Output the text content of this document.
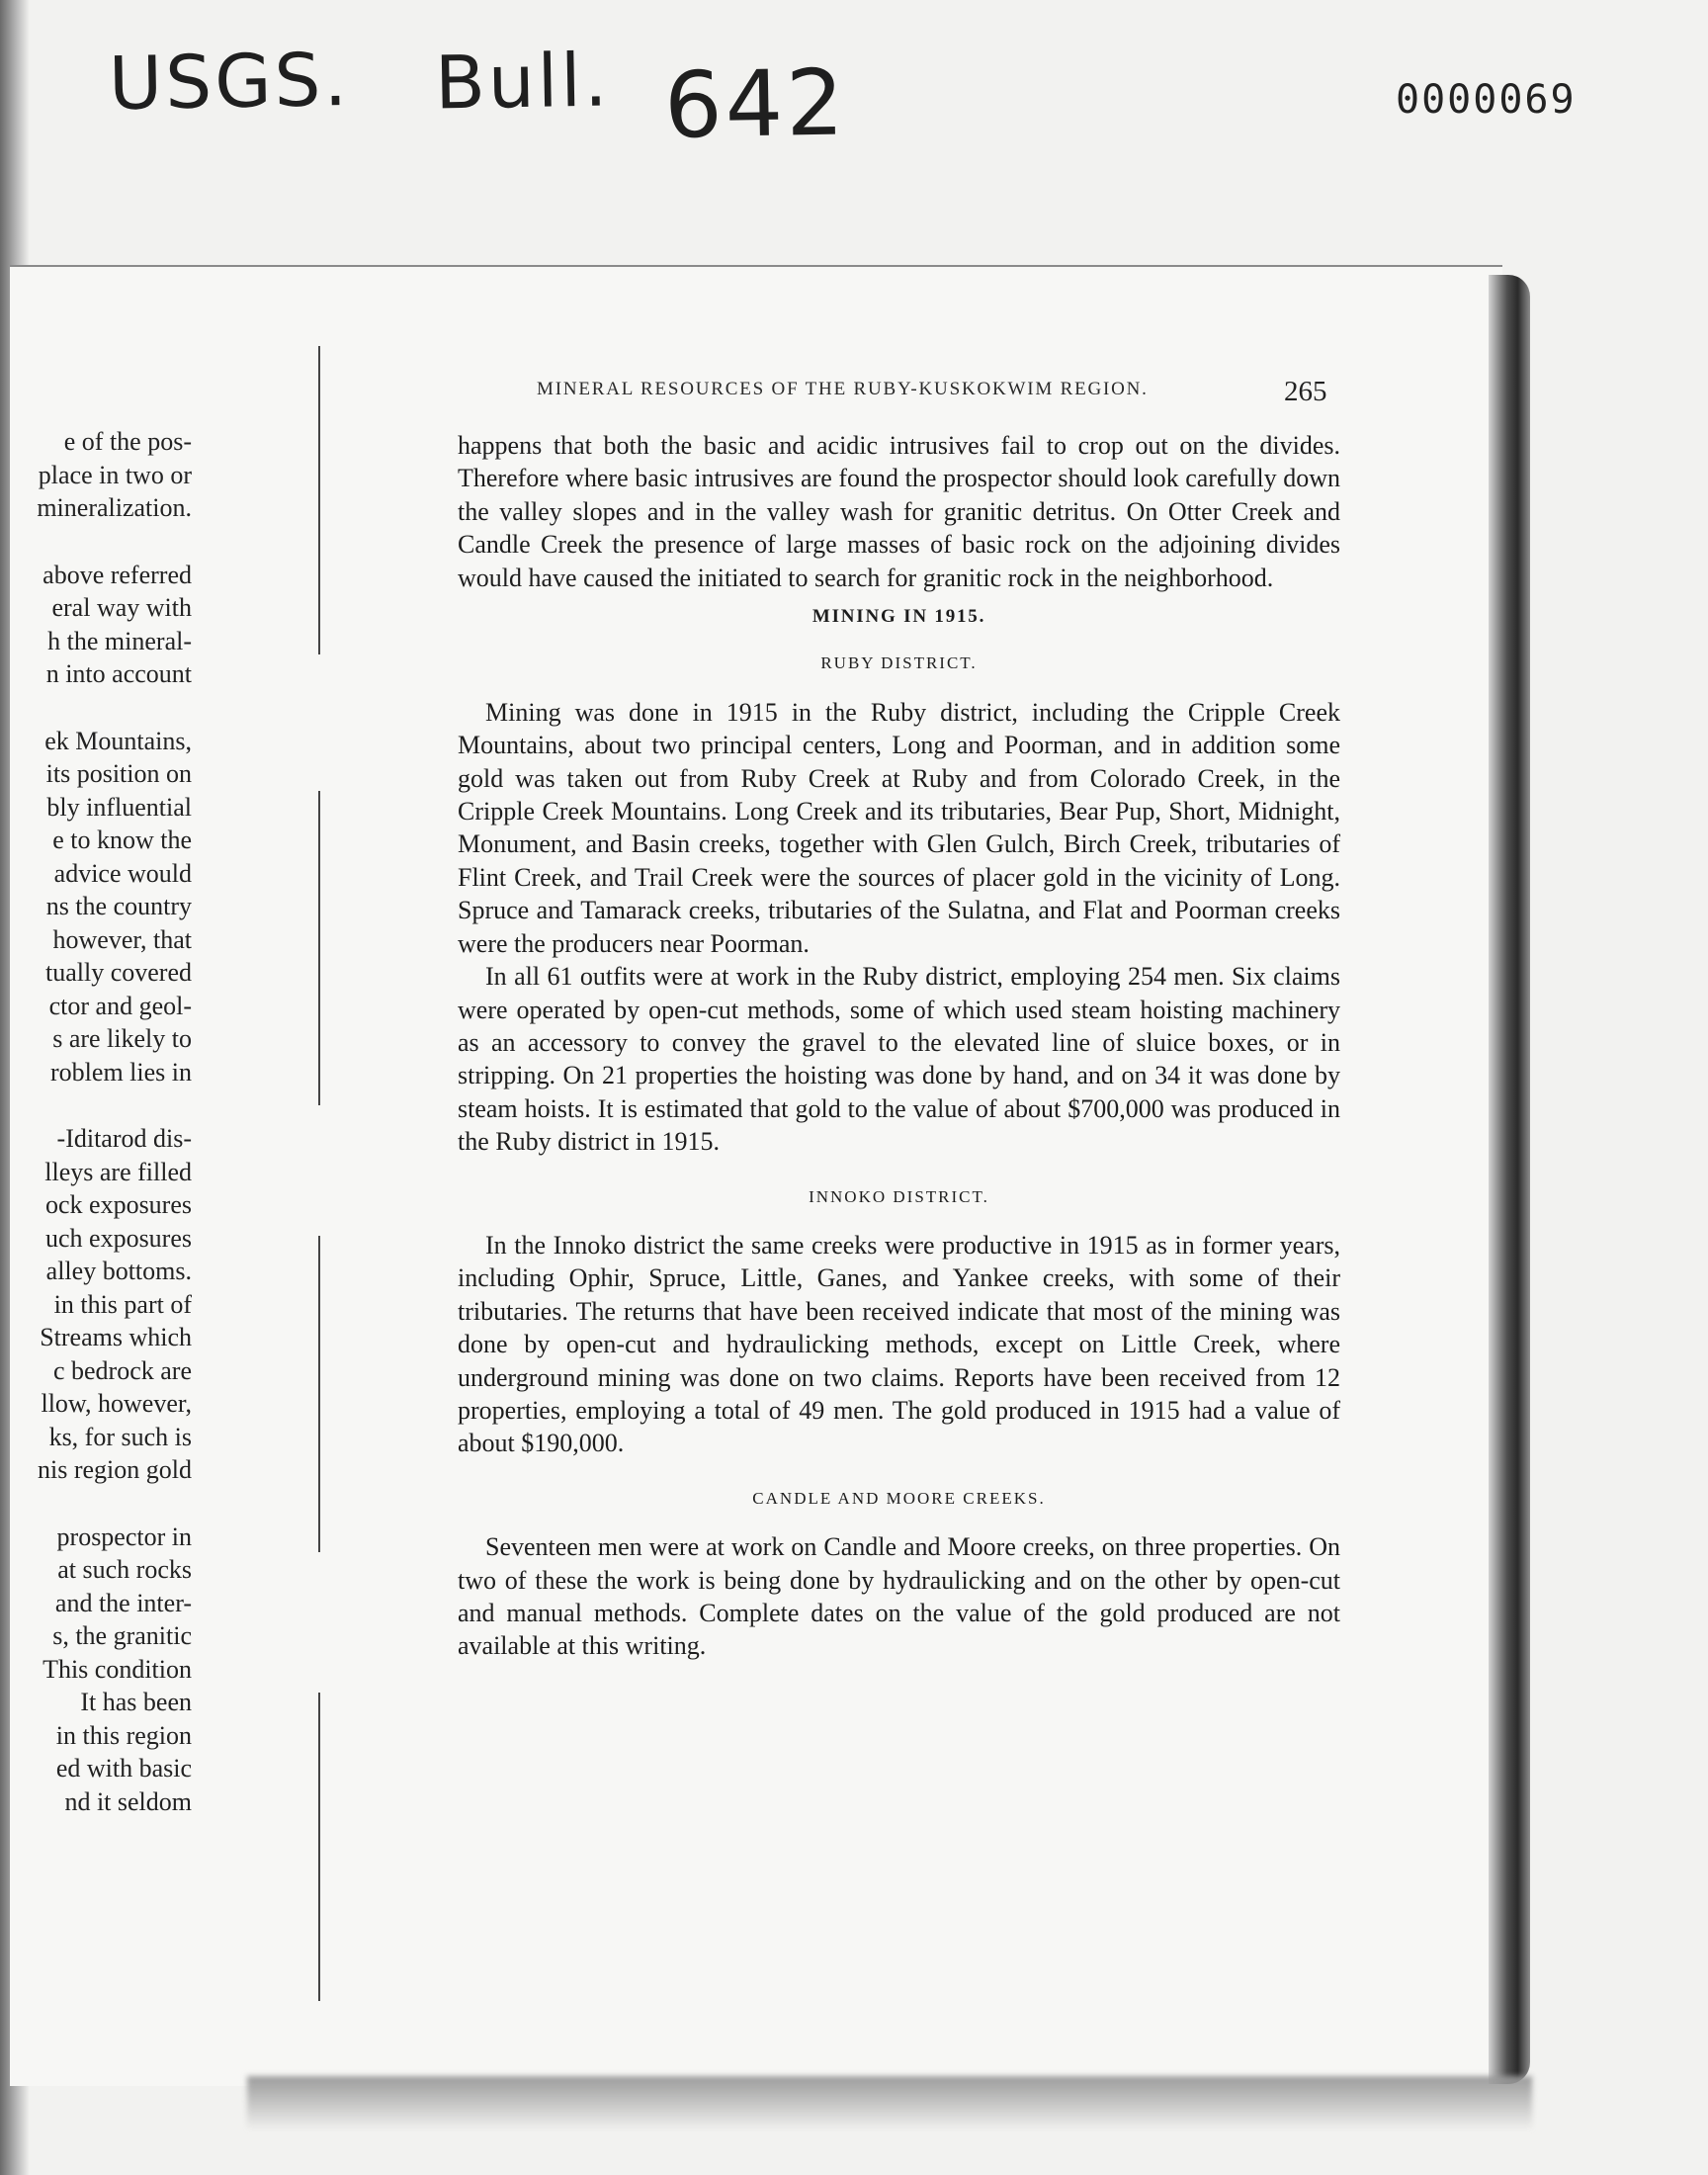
USGS. Bull. 642	0000069
e of the pos-
place in two or
mineralization.
above referred
eral way with
h the mineral-
n into account
ek Mountains,
its position on
bly influential
e to know the
advice would
ns the country
however, that
tually covered
ctor and geol-
s are likely to
roblem lies in
-Iditarod dis-
lleys are filled
ock exposures
uch exposures
alley bottoms.
in this part of
Streams which
c bedrock are
llow, however,
ks, for such is
nis region gold
prospector in
at such rocks
and the inter-
s, the granitic
This condition
It has been
in this region
ed with basic
nd it seldom
MINERAL RESOURCES OF THE RUBY-KUSKOKWIM REGION.	265

happens that both the basic and acidic intrusives fail to crop out on the divides. Therefore where basic intrusives are found the prospector should look carefully down the valley slopes and in the valley wash for granitic detritus. On Otter Creek and Candle Creek the presence of large masses of basic rock on the adjoining divides would have caused the initiated to search for granitic rock in the neighborhood.

MINING IN 1915.
RUBY DISTRICT.

Mining was done in 1915 in the Ruby district, including the Cripple Creek Mountains, about two principal centers, Long and Poorman, and in addition some gold was taken out from Ruby Creek at Ruby and from Colorado Creek, in the Cripple Creek Mountains. Long Creek and its tributaries, Bear Pup, Short, Midnight, Monument, and Basin creeks, together with Glen Gulch, Birch Creek, tributaries of Flint Creek, and Trail Creek were the sources of placer gold in the vicinity of Long. Spruce and Tamarack creeks, tributaries of the Sulatna, and Flat and Poorman creeks were the producers near Poorman.

In all 61 outfits were at work in the Ruby district, employing 254 men. Six claims were operated by open-cut methods, some of which used steam hoisting machinery as an accessory to convey the gravel to the elevated line of sluice boxes, or in stripping. On 21 properties the hoisting was done by hand, and on 34 it was done by steam hoists. It is estimated that gold to the value of about $700,000 was produced in the Ruby district in 1915.

INNOKO DISTRICT.

In the Innoko district the same creeks were productive in 1915 as in former years, including Ophir, Spruce, Little, Ganes, and Yankee creeks, with some of their tributaries. The returns that have been received indicate that most of the mining was done by open-cut and hydraulicking methods, except on Little Creek, where underground mining was done on two claims. Reports have been received from 12 properties, employing a total of 49 men. The gold produced in 1915 had a value of about $190,000.

CANDLE AND MOORE CREEKS.

Seventeen men were at work on Candle and Moore creeks, on three properties. On two of these the work is being done by hydraulicking and on the other by open-cut and manual methods. Complete dates on the value of the gold produced are not available at this writing.
